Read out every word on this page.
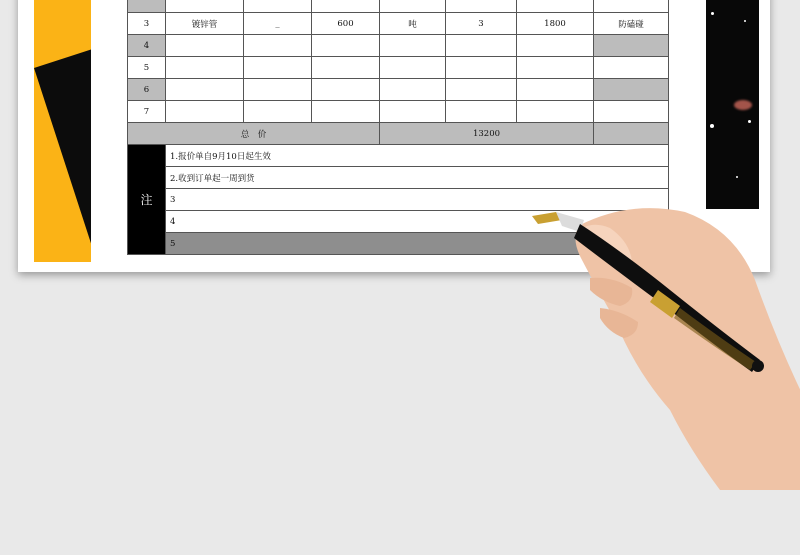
3	镀锌管	_	600	吨	3	1800	防磕碰
4							
5							
6							
7							
总　价				13200			
注	1.报价单自9月10日起生效						
	2.收到订单起一周到货						
	3						
	4						
	5						
